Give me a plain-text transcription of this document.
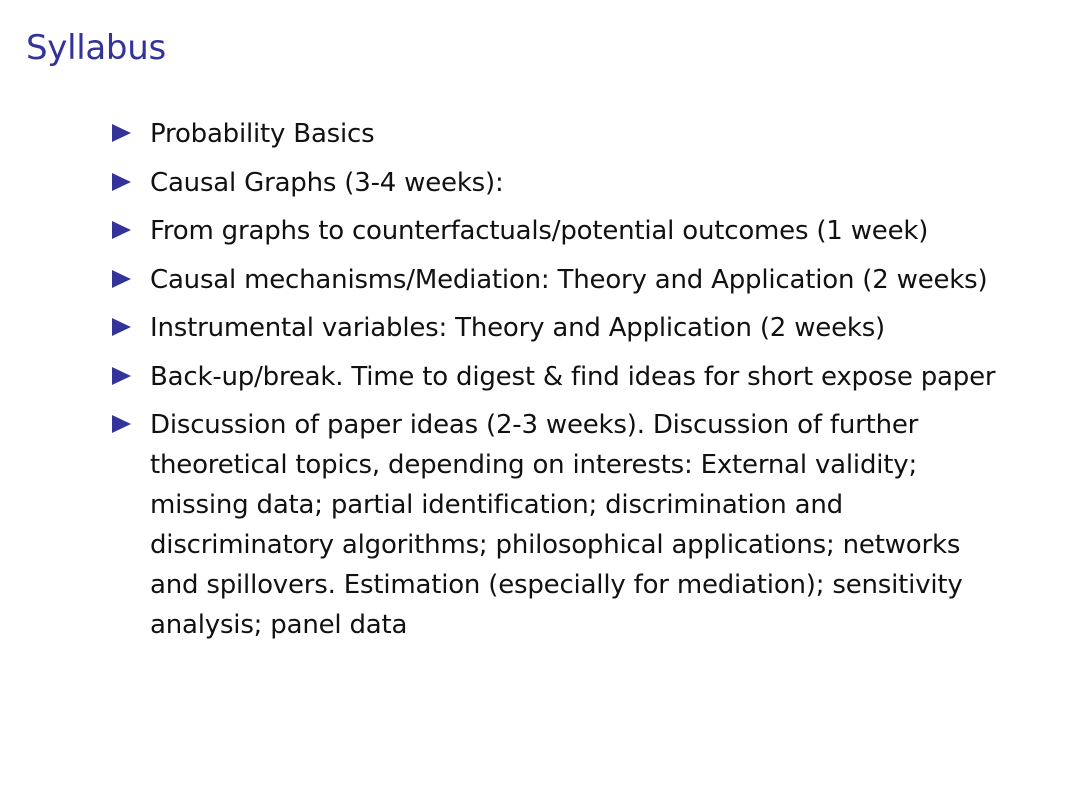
Syllabus
Probability Basics
Causal Graphs (3-4 weeks):
From graphs to counterfactuals/potential outcomes (1 week)
Causal mechanisms/Mediation: Theory and Application (2 weeks)
Instrumental variables: Theory and Application (2 weeks)
Back-up/break. Time to digest & find ideas for short expose paper
Discussion of paper ideas (2-3 weeks). Discussion of further theoretical topics, depending on interests: External validity; missing data; partial identification; discrimination and discriminatory algorithms; philosophical applications; networks and spillovers. Estimation (especially for mediation); sensitivity analysis; panel data
